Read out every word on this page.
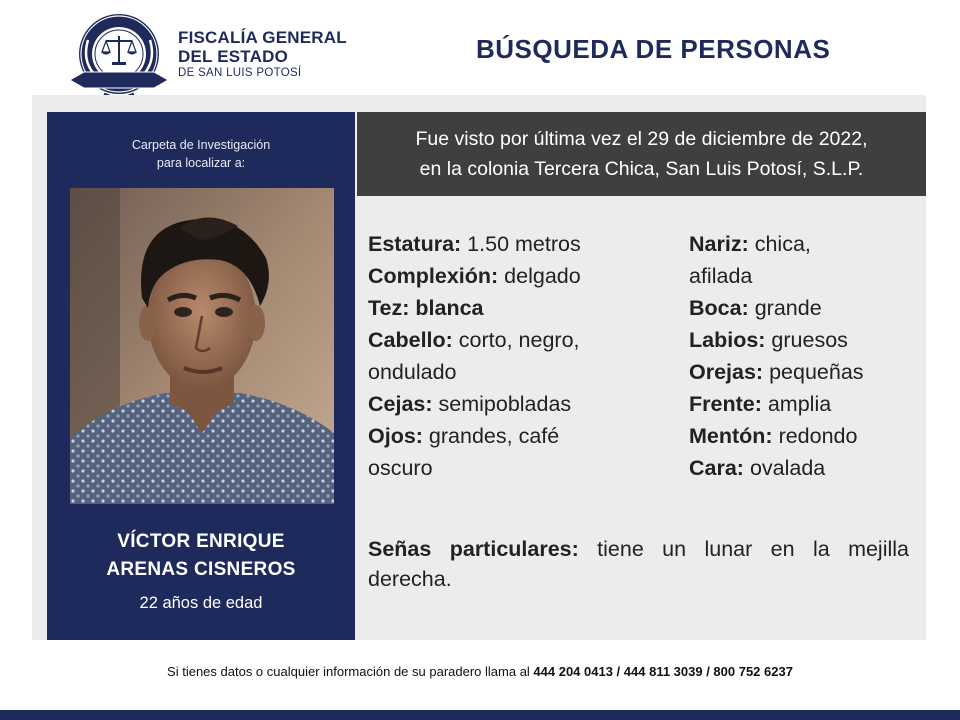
FISCALÍA GENERAL
DEL ESTADO
DE SAN LUIS POTOSÍ
BÚSQUEDA DE PERSONAS
Carpeta de Investigación
para localizar a:
VÍCTOR ENRIQUE
ARENAS CISNEROS
22 años de edad
Fue visto por última vez el 29 de diciembre de 2022,
en la colonia Tercera Chica, San Luis Potosí, S.L.P.
Estatura: 1.50 metros
Complexión: delgado
Tez: blanca
Cabello: corto, negro, ondulado
Cejas: semipobladas
Ojos: grandes, café oscuro
Nariz: chica, afilada
Boca: grande
Labios: gruesos
Orejas: pequeñas
Frente: amplia
Mentón: redondo
Cara: ovalada
Señas particulares: tiene un lunar en la mejilla derecha.
Si tienes datos o cualquier información de su paradero llama al 444 204 0413 / 444 811 3039 / 800 752 6237
